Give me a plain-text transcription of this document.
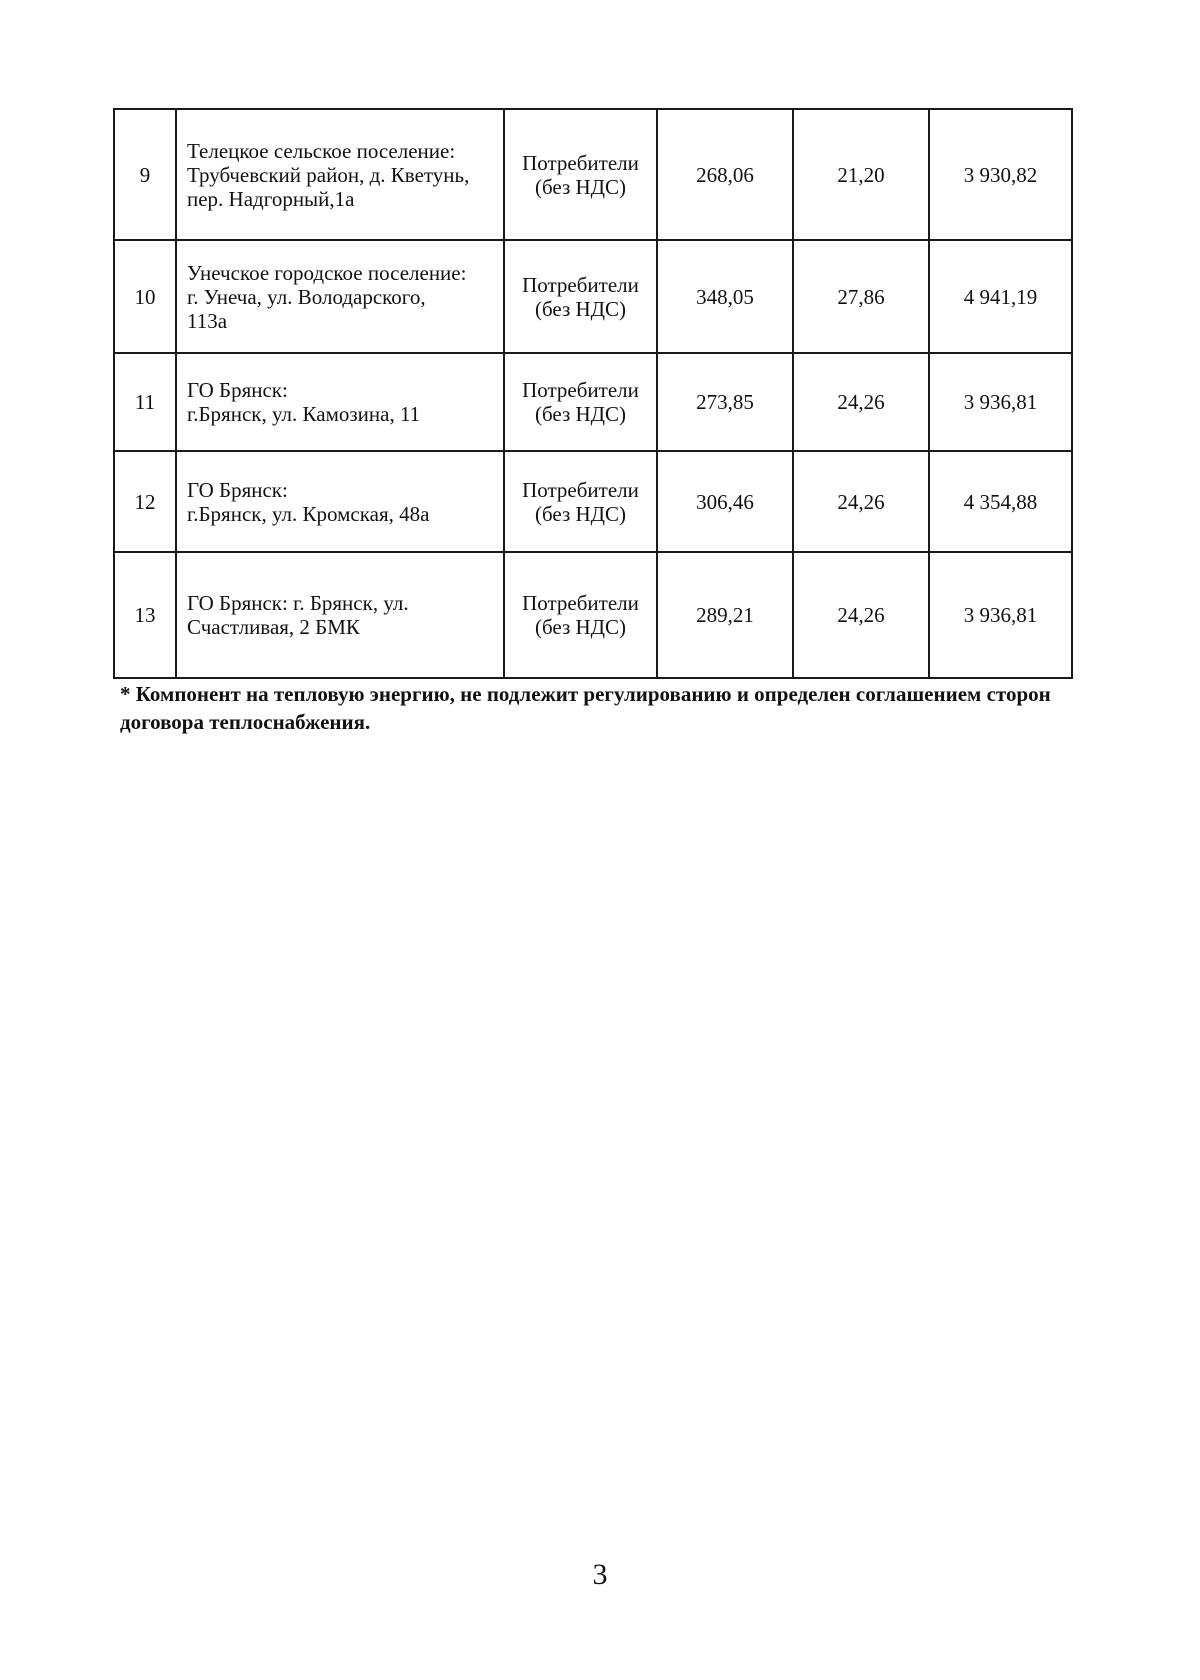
9	Телецкое сельское поселение:
Трубчевский район, д. Кветунь,
пер. Надгорный,1а	Потребители
(без НДС)	268,06	21,20	3 930,82
10	Унечское городское поселение:
г. Унеча, ул. Володарского,
113а	Потребители
(без НДС)	348,05	27,86	4 941,19
11	ГО Брянск:
г.Брянск, ул. Камозина, 11	Потребители
(без НДС)	273,85	24,26	3 936,81
12	ГО Брянск:
г.Брянск, ул. Кромская, 48а	Потребители
(без НДС)	306,46	24,26	4 354,88
13	ГО Брянск: г. Брянск, ул.
Счастливая, 2 БМК	Потребители
(без НДС)	289,21	24,26	3 936,81
* Компонент на тепловую энергию, не подлежит регулированию и определен соглашением сторон договора теплоснабжения.
3
